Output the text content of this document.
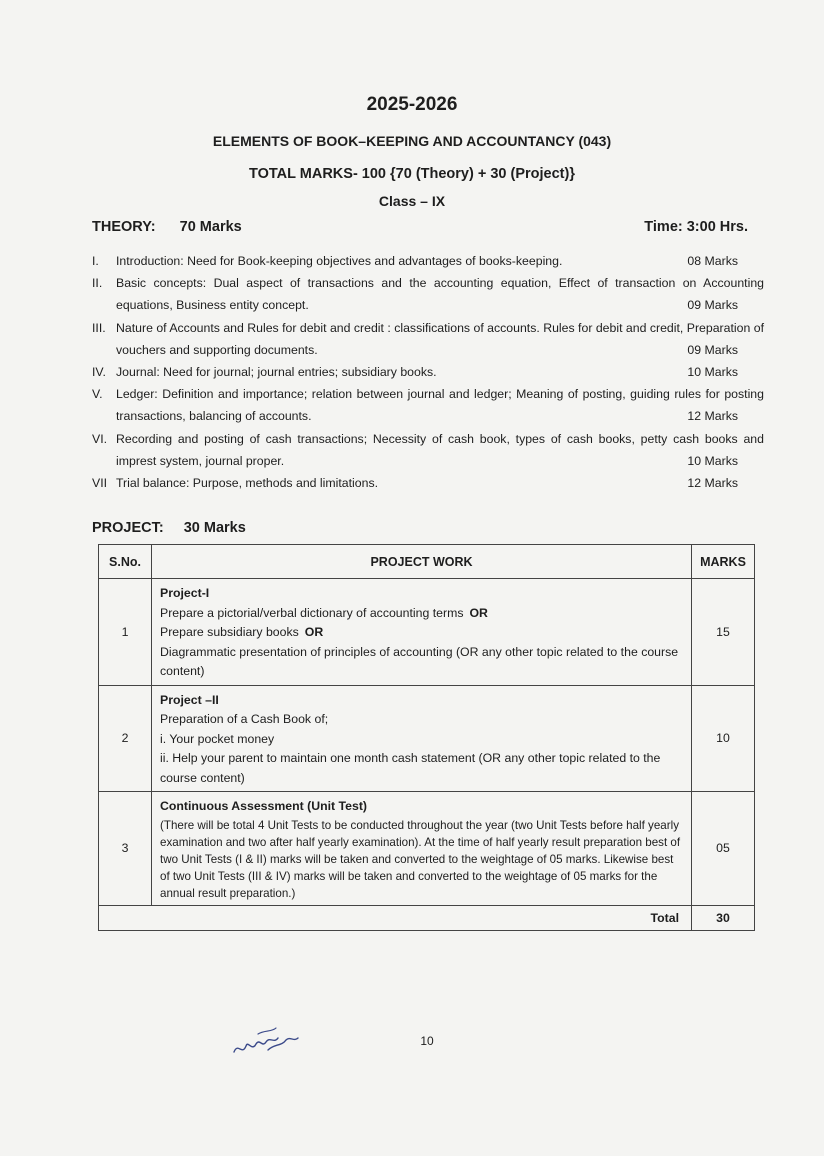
2025-2026
ELEMENTS OF BOOK–KEEPING AND ACCOUNTANCY (043)
TOTAL MARKS- 100 {70 (Theory) + 30 (Project)}
Class – IX
THEORY: 70 Marks	Time: 3:00 Hrs.
I.	Introduction: Need for Book-keeping objectives and advantages of books-keeping.	08 Marks
II.	Basic concepts: Dual aspect of transactions and the accounting equation, Effect of transaction on Accounting equations, Business entity concept.	09 Marks
III. Nature of Accounts and Rules for debit and credit : classifications of accounts. Rules for debit and credit, Preparation of vouchers and supporting documents.	09 Marks
IV. Journal: Need for journal; journal entries; subsidiary books.	10 Marks
V.	Ledger: Definition and importance; relation between journal and ledger; Meaning of posting, guiding rules for posting transactions, balancing of accounts.	12 Marks
VI. Recording and posting of cash transactions; Necessity of cash book, types of cash books, petty cash books and imprest system, journal proper.	10 Marks
VII Trial balance: Purpose, methods and limitations.	12 Marks
PROJECT: 30 Marks
S.No.	PROJECT WORK	MARKS
1	Project-I
Prepare a pictorial/verbal dictionary of accounting terms OR
Prepare subsidiary books OR
Diagrammatic presentation of principles of accounting (OR any other topic related to the course content)	15
2	Project –II
Preparation of a Cash Book of;
i. Your pocket money
ii. Help your parent to maintain one month cash statement (OR any other topic related to the course content)	10
3	Continuous Assessment (Unit Test)
(There will be total 4 Unit Tests to be conducted throughout the year (two Unit Tests before half yearly examination and two after half yearly examination). At the time of half yearly result preparation best of two Unit Tests (I & II) marks will be taken and converted to the weightage of 05 marks. Likewise best of two Unit Tests (III & IV) marks will be taken and converted to the weightage of 05 marks for the annual result preparation.)	05
Total		30
10
